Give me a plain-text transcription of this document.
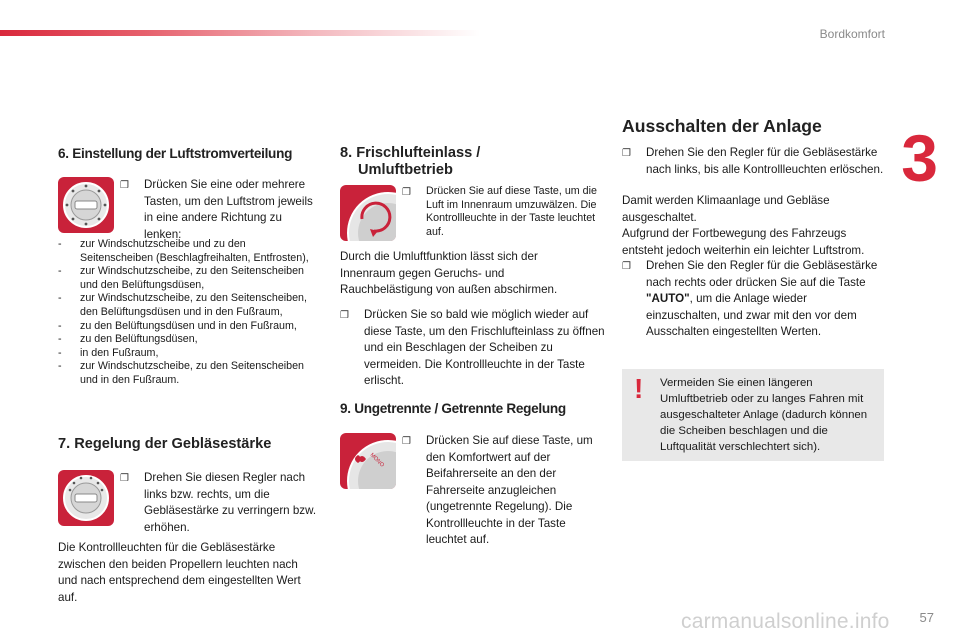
Bordkomfort
3
6. Einstellung der Luftstromverteilung
❐	Drücken Sie eine oder mehrere Tasten, um den Luftstrom jeweils in eine andere Richtung zu lenken:
-	zur Windschutzscheibe und zu den Seitenscheiben (Beschlagfreihalten, Entfrosten),
-	zur Windschutzscheibe, zu den Seitenscheiben und den Belüftungsdüsen,
-	zur Windschutzscheibe, zu den Seitenscheiben, den Belüftungsdüsen und in den Fußraum,
-	zu den Belüftungsdüsen und in den Fußraum,
-	zu den Belüftungsdüsen,
-	in den Fußraum,
-	zur Windschutzscheibe, zu den Seitenscheiben und in den Fußraum.
7. Regelung der Gebläsestärke
❐	Drehen Sie diesen Regler nach links bzw. rechts, um die Gebläsestärke zu verringern bzw. erhöhen.
Die Kontrollleuchten für die Gebläsestärke zwischen den beiden Propellern leuchten nach und nach entsprechend dem eingestellten Wert auf.
8. Frischlufteinlass /
Umluftbetrieb
❐	Drücken Sie auf diese Taste, um die Luft im Innenraum umzuwälzen. Die Kontrollleuchte in der Taste leuchtet auf.
Durch die Umluftfunktion lässt sich der Innenraum gegen Geruchs- und Rauchbelästigung von außen abschirmen.
❐	Drücken Sie so bald wie möglich wieder auf diese Taste, um den Frischlufteinlass zu öffnen und ein Beschlagen der Scheiben zu vermeiden. Die Kontrollleuchte in der Taste erlischt.
9. Ungetrennte / Getrennte Regelung
MONO
❐	Drücken Sie auf diese Taste, um den Komfortwert auf der Beifahrerseite an den der Fahrerseite anzugleichen (ungetrennte Regelung). Die Kontrollleuchte in der Taste leuchtet auf.
Ausschalten der Anlage
❐	Drehen Sie den Regler für die Gebläsestärke nach links, bis alle Kontrollleuchten erlöschen.
Damit werden Klimaanlage und Gebläse ausgeschaltet.
Aufgrund der Fortbewegung des Fahrzeugs entsteht jedoch weiterhin ein leichter Luftstrom.
❐	Drehen Sie den Regler für die Gebläsestärke nach rechts oder drücken Sie auf die Taste "AUTO", um die Anlage wieder einzuschalten, und zwar mit den vor dem Ausschalten eingestellten Werten.
! Vermeiden Sie einen längeren Umluftbetrieb oder zu langes Fahren mit ausgeschalteter Anlage (dadurch können die Scheiben beschlagen und die Luftqualität verschlechtert sich).
carmanualsonline.info 57
